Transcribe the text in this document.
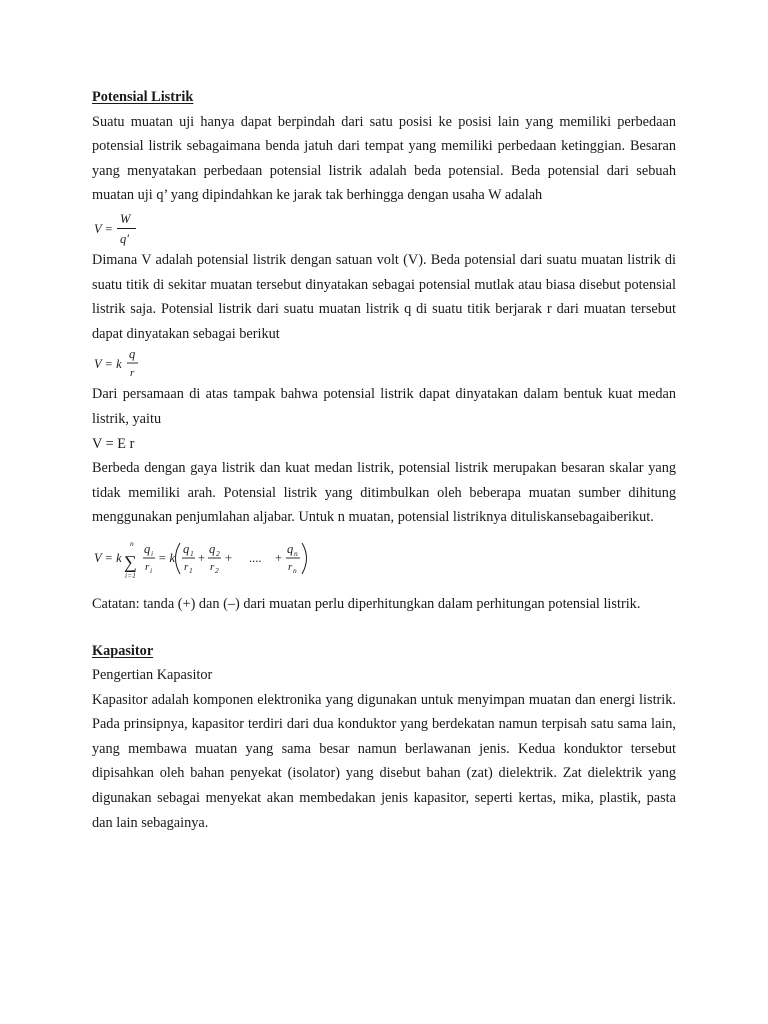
Potensial Listrik
Suatu muatan uji hanya dapat berpindah dari satu posisi ke posisi lain yang memiliki perbedaan potensial listrik sebagaimana benda jatuh dari tempat yang memiliki perbedaan ketinggian. Besaran yang menyatakan perbedaan potensial listrik adalah beda potensial. Beda potensial dari sebuah muatan uji q’ yang dipindahkan ke jarak tak berhingga dengan usaha W adalah
V =
W
q'
Dimana V adalah potensial listrik dengan satuan volt (V). Beda potensial dari suatu muatan listrik di suatu titik di sekitar muatan tersebut dinyatakan sebagai potensial mutlak atau biasa disebut potensial listrik saja. Potensial listrik dari suatu muatan listrik q di suatu titik berjarak r dari muatan tersebut dapat dinyatakan sebagai berikut
V = k
q
r
Dari persamaan di atas tampak bahwa potensial listrik dapat dinyatakan dalam bentuk kuat medan listrik, yaitu
V = E r
Berbeda dengan gaya listrik dan kuat medan listrik, potensial listrik merupakan besaran skalar yang tidak memiliki arah. Potensial listrik yang ditimbulkan oleh beberapa muatan sumber dihitung menggunakan penjumlahan aljabar. Untuk n muatan, potensial listriknya dituliskansebagaiberikut.
V = k
n
∑
i=1
q i
r i
= k
q 1
r 1
+
q 2
r 2
+ .... +
q n
r n
Catatan: tanda (+) dan (–) dari muatan perlu diperhitungkan dalam perhitungan potensial listrik.
Kapasitor
Pengertian Kapasitor
Kapasitor adalah komponen elektronika yang digunakan untuk menyimpan muatan dan energi listrik. Pada prinsipnya, kapasitor terdiri dari dua konduktor yang berdekatan namun terpisah satu sama lain, yang membawa muatan yang sama besar namun berlawanan jenis. Kedua konduktor tersebut dipisahkan oleh bahan penyekat (isolator) yang disebut bahan (zat) dielektrik. Zat dielektrik yang digunakan sebagai menyekat akan membedakan jenis kapasitor, seperti kertas, mika, plastik, pasta dan lain sebagainya.
